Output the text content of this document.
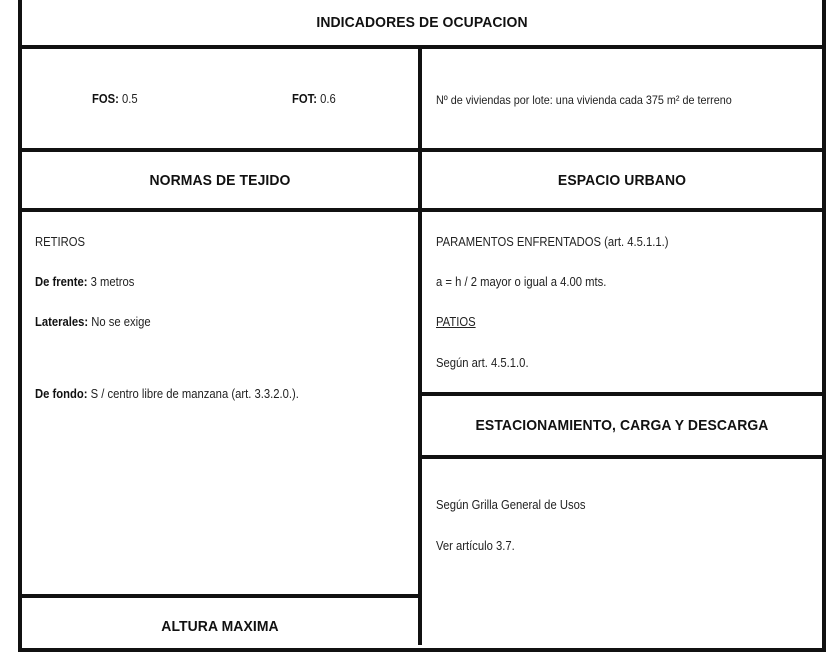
INDICADORES DE OCUPACION
NORMAS DE TEJIDO	ESPACIO URBANO
ESTACIONAMIENTO, CARGA Y DESCARGA
ALTURA MAXIMA
FOS: 0.5	FOT: 0.6	Nº de viviendas por lote: una vivienda cada 375 m² de terreno
RETIROS
De frente: 3 metros
Laterales: No se exige
De fondo: S / centro libre de manzana (art. 3.3.2.0.).
PARAMENTOS ENFRENTADOS (art. 4.5.1.1.)
a = h / 2 mayor o igual a 4.00 mts.
PATIOS
Según art. 4.5.1.0.
Según Grilla General de Usos
Ver artículo 3.7.
